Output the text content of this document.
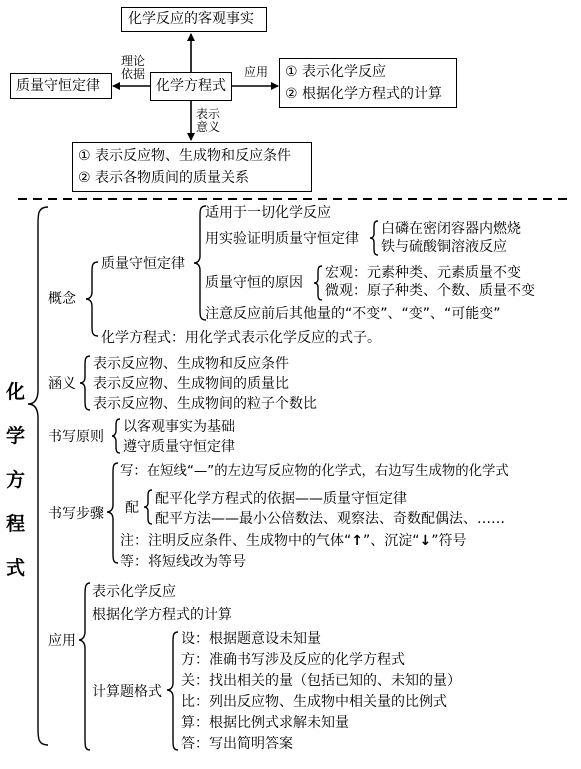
化学反应的客观事实
化学方程式
质量守恒定律
理论
依据	应用 ① 表示化学反应
② 根据化学方程式的计算
表示
意义
① 表示反应物、生成物和反应条件
② 表示各物质间的质量关系
化
学
方
程
式
概念
质量守恒定律
适用于一切化学反应
用实验证明质量守恒定律
白磷在密闭容器内燃烧
铁与硫酸铜溶液反应
质量守恒的原因
宏观：元素种类、元素质量不变
微观：原子种类、个数、质量不变
注意反应前后其他量的“不变”、“变”、“可能变”
化学方程式：用化学式表示化学反应的式子。
涵义
表示反应物、生成物和反应条件
表示反应物、生成物间的质量比
表示反应物、生成物间的粒子个数比
书写原则
以客观事实为基础
遵守质量守恒定律
书写步骤
写：在短线“—”的左边写反应物的化学式，右边写生成物的化学式
配
配平化学方程式的依据——质量守恒定律
配平方法——最小公倍数法、观察法、奇数配偶法、……
注：注明反应条件、生成物中的气体“↑”、沉淀“↓”符号
等：将短线改为等号
应用
表示化学反应
根据化学方程式的计算
计算题格式
设：根据题意设未知量
方：准确书写涉及反应的化学方程式
关：找出相关的量（包括已知的、未知的量）
比：列出反应物、生成物中相关量的比例式
算：根据比例式求解未知量
答：写出简明答案
